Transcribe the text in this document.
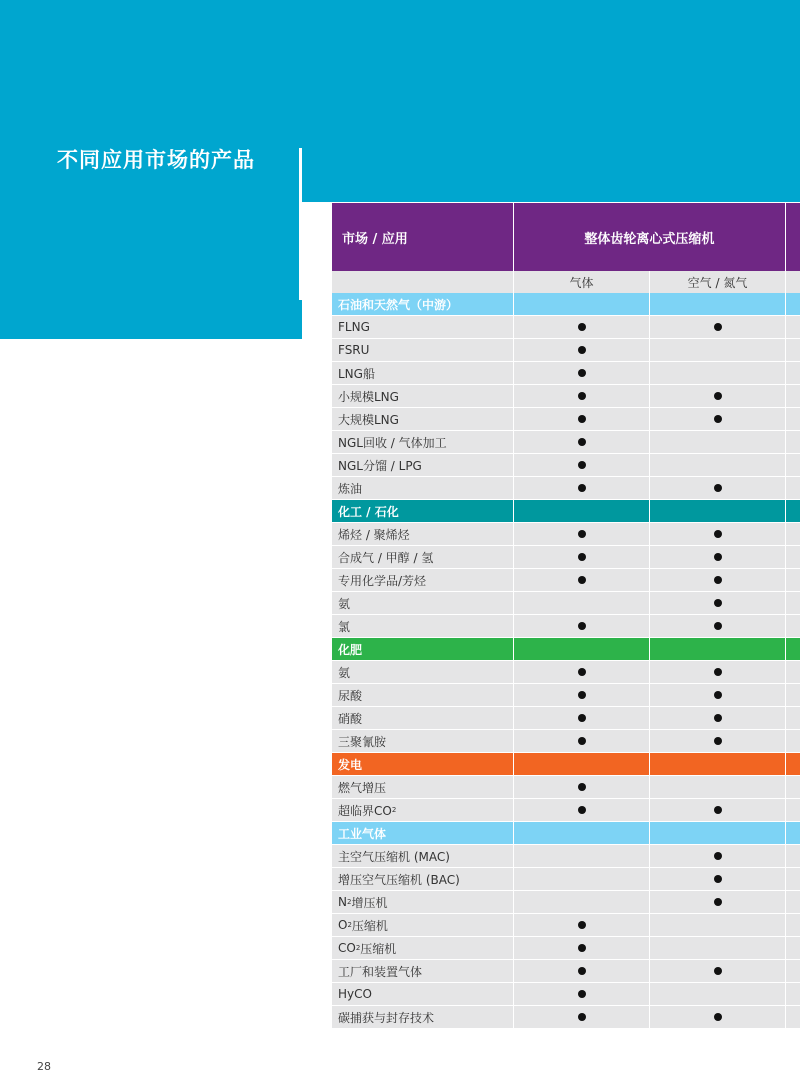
不同应用市场的产品
市场 / 应用	整体齿轮离心式压缩机
气体	空气 / 氮气
石油和天然气（中游）
FLNG
FSRU
LNG船
小规模LNG
大规模LNG
NGL回收 / 气体加工
NGL分馏 / LPG
炼油
化工 / 石化
烯烃 / 聚烯烃
合成气 / 甲醇 / 氢
专用化学品/芳烃
氨
氯
化肥
氨
尿酸
硝酸
三聚氰胺
发电
燃气增压
超临界CO 2
工业气体
主空气压缩机 (MAC)
增压空气压缩机 (BAC)
N 2 增压机
O 2 压缩机
CO 2 压缩机
工厂和装置气体
HyCO
碳捕获与封存技术
28
